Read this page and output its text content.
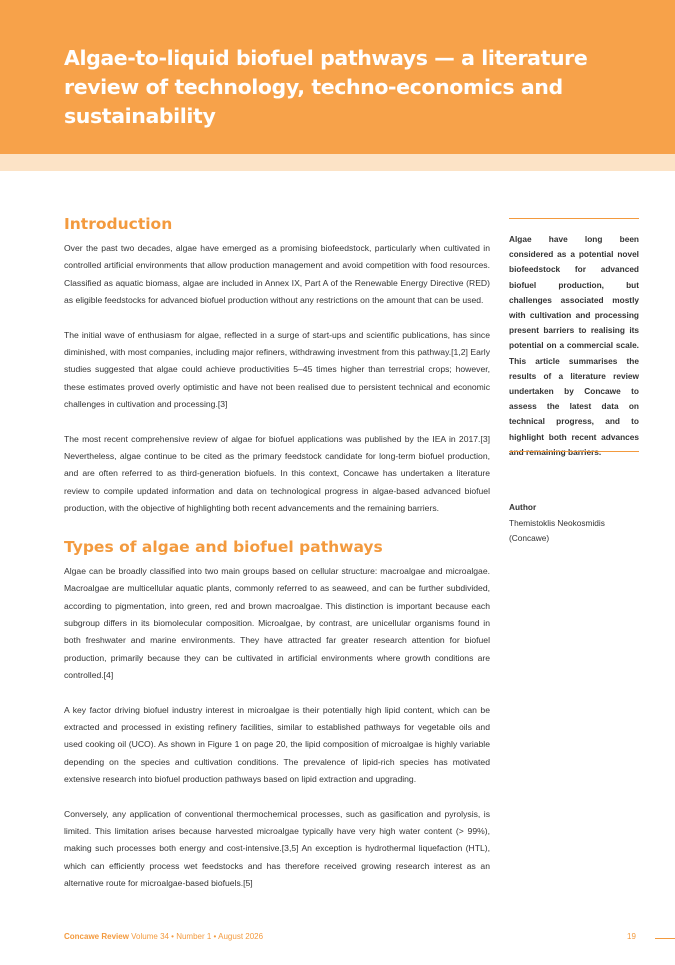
Algae-to-liquid biofuel pathways — a literature review of technology, techno-economics and sustainability
Introduction

Over the past two decades, algae have emerged as a promising biofeedstock, particularly when cultivated in controlled artificial environments that allow production management and avoid competition with food resources. Classified as aquatic biomass, algae are included in Annex IX, Part A of the Renewable Energy Directive (RED) as eligible feedstocks for advanced biofuel production without any restrictions on the amount that can be used.

The initial wave of enthusiasm for algae, reflected in a surge of start-ups and scientific publications, has since diminished, with most companies, including major refiners, withdrawing investment from this pathway.[1,2] Early studies suggested that algae could achieve productivities 5–45 times higher than terrestrial crops; however, these estimates proved overly optimistic and have not been realised due to persistent technical and economic challenges in cultivation and processing.[3]

The most recent comprehensive review of algae for biofuel applications was published by the IEA in 2017.[3] Nevertheless, algae continue to be cited as the primary feedstock candidate for long-term biofuel production, and are often referred to as third-generation biofuels. In this context, Concawe has undertaken a literature review to compile updated information and data on technological progress in algae-based advanced biofuel production, with the objective of highlighting both recent advancements and the remaining barriers.

Types of algae and biofuel pathways

Algae can be broadly classified into two main groups based on cellular structure: macroalgae and microalgae. Macroalgae are multicellular aquatic plants, commonly referred to as seaweed, and can be further subdivided, according to pigmentation, into green, red and brown macroalgae. This distinction is important because each subgroup differs in its biomolecular composition. Microalgae, by contrast, are unicellular organisms found in both freshwater and marine environments. They have attracted far greater research attention for biofuel production, primarily because they can be cultivated in artificial environments where growth conditions are controlled.[4]

A key factor driving biofuel industry interest in microalgae is their potentially high lipid content, which can be extracted and processed in existing refinery facilities, similar to established pathways for vegetable oils and used cooking oil (UCO). As shown in Figure 1 on page 20, the lipid composition of microalgae is highly variable depending on the species and cultivation conditions. The prevalence of lipid-rich species has motivated extensive research into biofuel production pathways based on lipid extraction and upgrading.

Conversely, any application of conventional thermochemical processes, such as gasification and pyrolysis, is limited. This limitation arises because harvested microalgae typically have very high water content (> 99%), making such processes both energy and cost-intensive.[3,5] An exception is hydrothermal liquefaction (HTL), which can efficiently process wet feedstocks and has therefore received growing research interest as an alternative route for microalgae-based biofuels.[5]

Algae have long been considered as a potential novel biofeedstock for advanced biofuel production, but challenges associated mostly with cultivation and processing present barriers to realising its potential on a commercial scale. This article summarises the results of a literature review undertaken by Concawe to assess the latest data on technical progress, and to highlight both recent advances and remaining barriers.
Author
Themistoklis Neokosmidis
(Concawe)
Concawe Review Volume 34 • Number 1 • August 2026	19
